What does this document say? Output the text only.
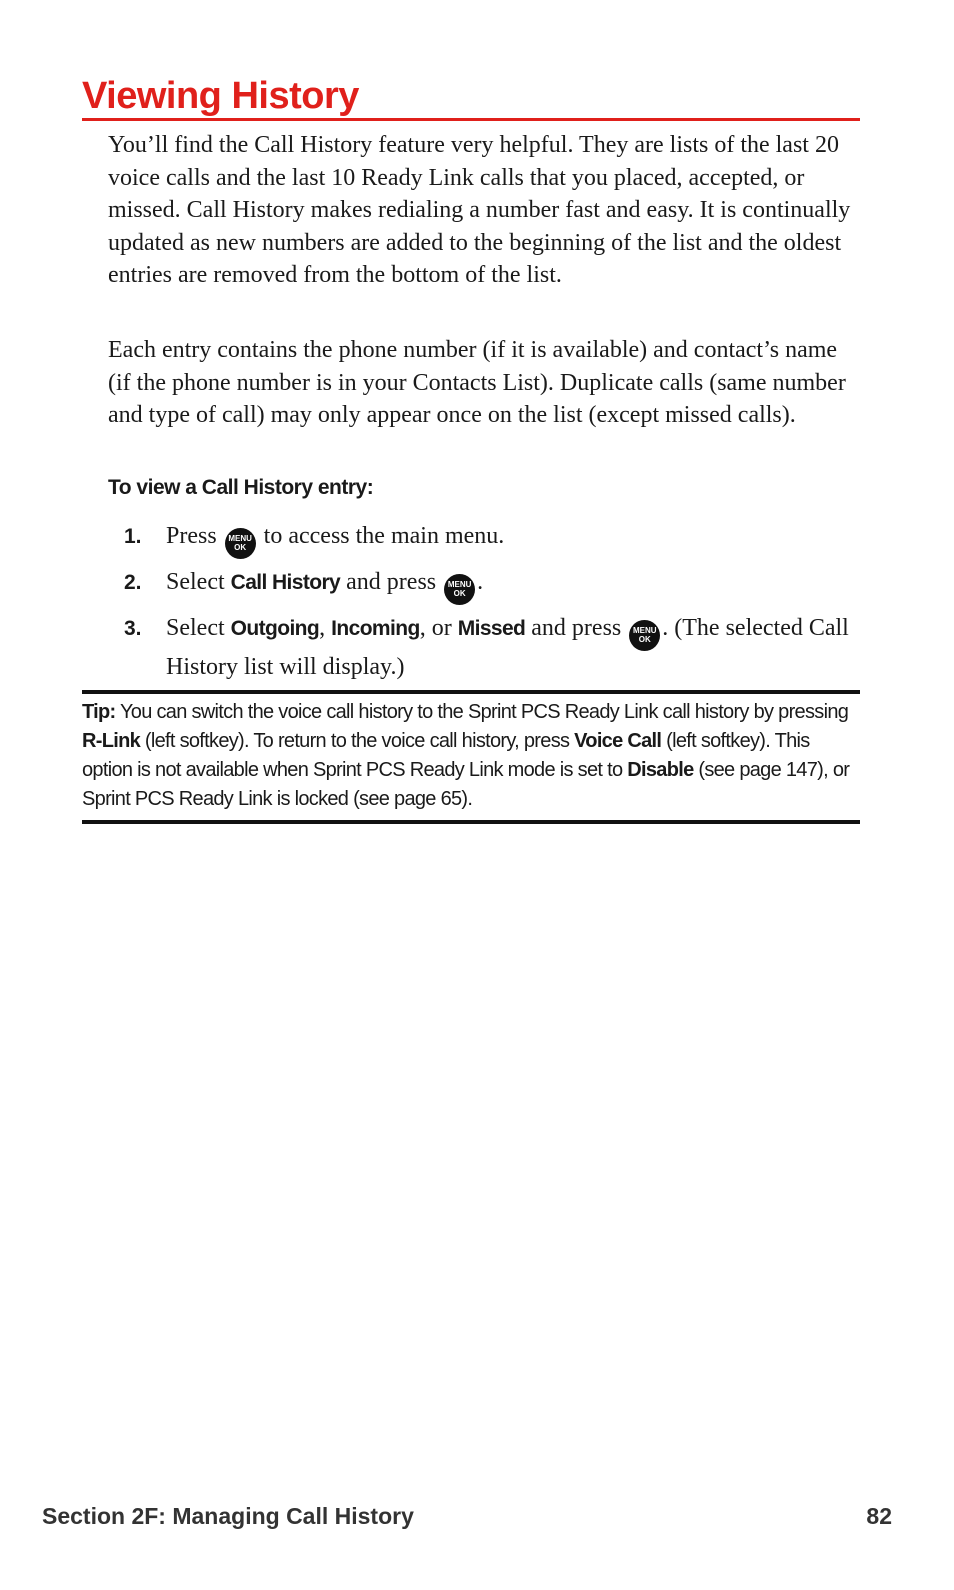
Viewing History

You’ll find the Call History feature very helpful. They are lists of the last 20 voice calls and the last 10 Ready Link calls that you placed, accepted, or missed. Call History makes redialing a number fast and easy. It is continually updated as new numbers are added to the beginning of the list and the oldest entries are removed from the bottom of the list.

Each entry contains the phone number (if it is available) and contact’s name (if the phone number is in your Contacts List). Duplicate calls (same number and type of call) may only appear once on the list (except missed calls).

To view a Call History entry:

1. Press MENU
OK to access the main menu.
2. Select Call History and press MENU
OK .
3. Select Outgoing, Incoming, or Missed and press MENU
OK . (The selected Call History list will display.)

Tip: You can switch the voice call history to the Sprint PCS Ready Link call history by pressing R-Link (left softkey). To return to the voice call history, press Voice Call (left softkey). This option is not available when Sprint PCS Ready Link mode is set to Disable (see page 147), or Sprint PCS Ready Link is locked (see page 65).

Section 2F: Managing Call History	82
